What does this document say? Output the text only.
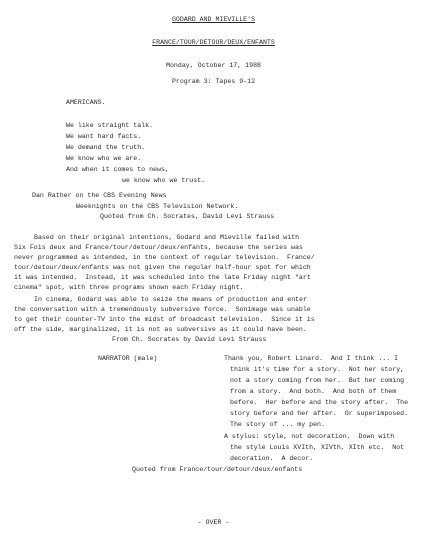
GODARD AND MIEVILLE'S
FRANCE/TOUR/DETOUR/DEUX/ENFANTS
Monday, October 17, 1988
Program 3: Tapes 9-12
AMERICANS.
We like straight talk.
We want hard facts.
We demand the truth.
We know who we are.
And when it comes to news,
we know who we trust.
Dan Rather on the CBS Evening News
Weeknights on the CBS Television Network.
Quoted from Ch. Socrates, David Levi Strauss
Based on their original intentions, Godard and Mieville failed with
Six Fois deux and France/tour/detour/deux/enfants, because the series was
never programmed as intended, in the context of regular television.  France/
tour/detour/deux/enfants was not given the regular half-hour spot for which
it was intended.  Instead, it was scheduled into the late Friday night "art
cinema" spot, with three programs shown each Friday night.
In cinema, Godard was able to seize the means of production and enter
the conversation with a tremendously subversive force.  Sonimage was unable
to get their counter-TV into the midst of broadcast television.  Since it is
off the side, marginalized, it is not as subversive as it could have been.
From Ch. Socrates by David Levi Strauss
NARRATOR (male)	Thank you, Robert Linard.  And I think ... I
think it's time for a story.  Not her story,
not a story coming from her.  But her coming
from a story.  And both.  And both of them
before.  Her before and the story after.  The
story before and her after.  Or superimposed.
The story of ... my pen.
A stylus: style, not decoration.  Down with
the style Louis XVIth, XIVth, XIth etc.  Not
decoration.  A decor.
Quoted from France/tour/detour/deux/enfants
- OVER -
